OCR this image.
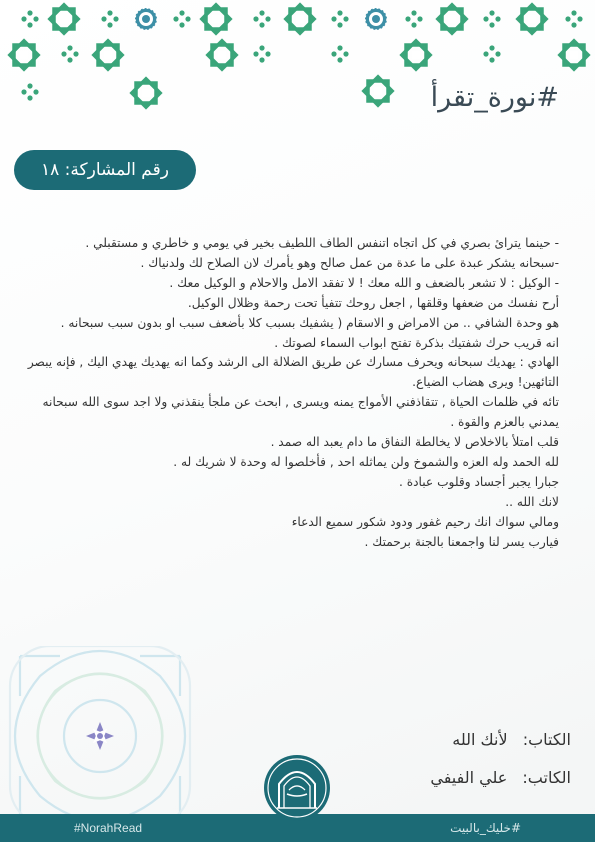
#نورة_تقرأ
رقم المشاركة: ١٨

- حينما يترائ بصري في كل اتجاه اتنفس الطاف اللطيف بخير في يومي و خاطري و مستقبلي .

-سبحانه يشكر عبدة على ما عدة من عمل صالح وهو يأمرك لان الصلاح لك ولدنياك .

- الوكيل : لا تشعر بالضعف و الله معك ! لا تفقد الامل والاحلام و الوكيل معك .

أرح نفسك من ضعفها وقلقها , اجعل روحك تتفيأ تحت رحمة وظلال الوكيل.

هو وحدة الشافي .. من الامراض و الاسقام ( يشفيك بسبب كلا بأضعف سبب او بدون سبب سبحانه .

انه قريب حرك شفتيك بذكرة تفتح ابواب السماء لصوتك .

الهادي : يهديك سبحانه ويحرف مسارك عن طريق الضلالة الى الرشد وكما انه يهديك يهدي اليك , فإنه يبصر التائهين! ويرى هضاب الضياع.

تائه في ظلمات الحياة , تتقاذفني الأمواج يمنه ويسرى , ابحث عن ملجأ ينقذني ولا اجد سوى الله سبحانه يمدني بالعزم والقوة .

قلب امتلأ بالاخلاص لا يخالطة النفاق ما دام يعبد اله صمد .

لله الحمد وله العزه والشموخ ولن يماثله احد , فأخلصوا له وحدة لا شريك له .

جبارا يجبر أجساد وقلوب عبادة .

لانك الله ..

ومالي سواك انك رحيم غفور ودود شكور سميع الدعاء

فيارب يسر لنا واجمعنا بالجنة برحمتك .

الكتاب: لأنك الله
الكاتب: علي الفيفي
#NorahRead	#خليك_بالبيت
